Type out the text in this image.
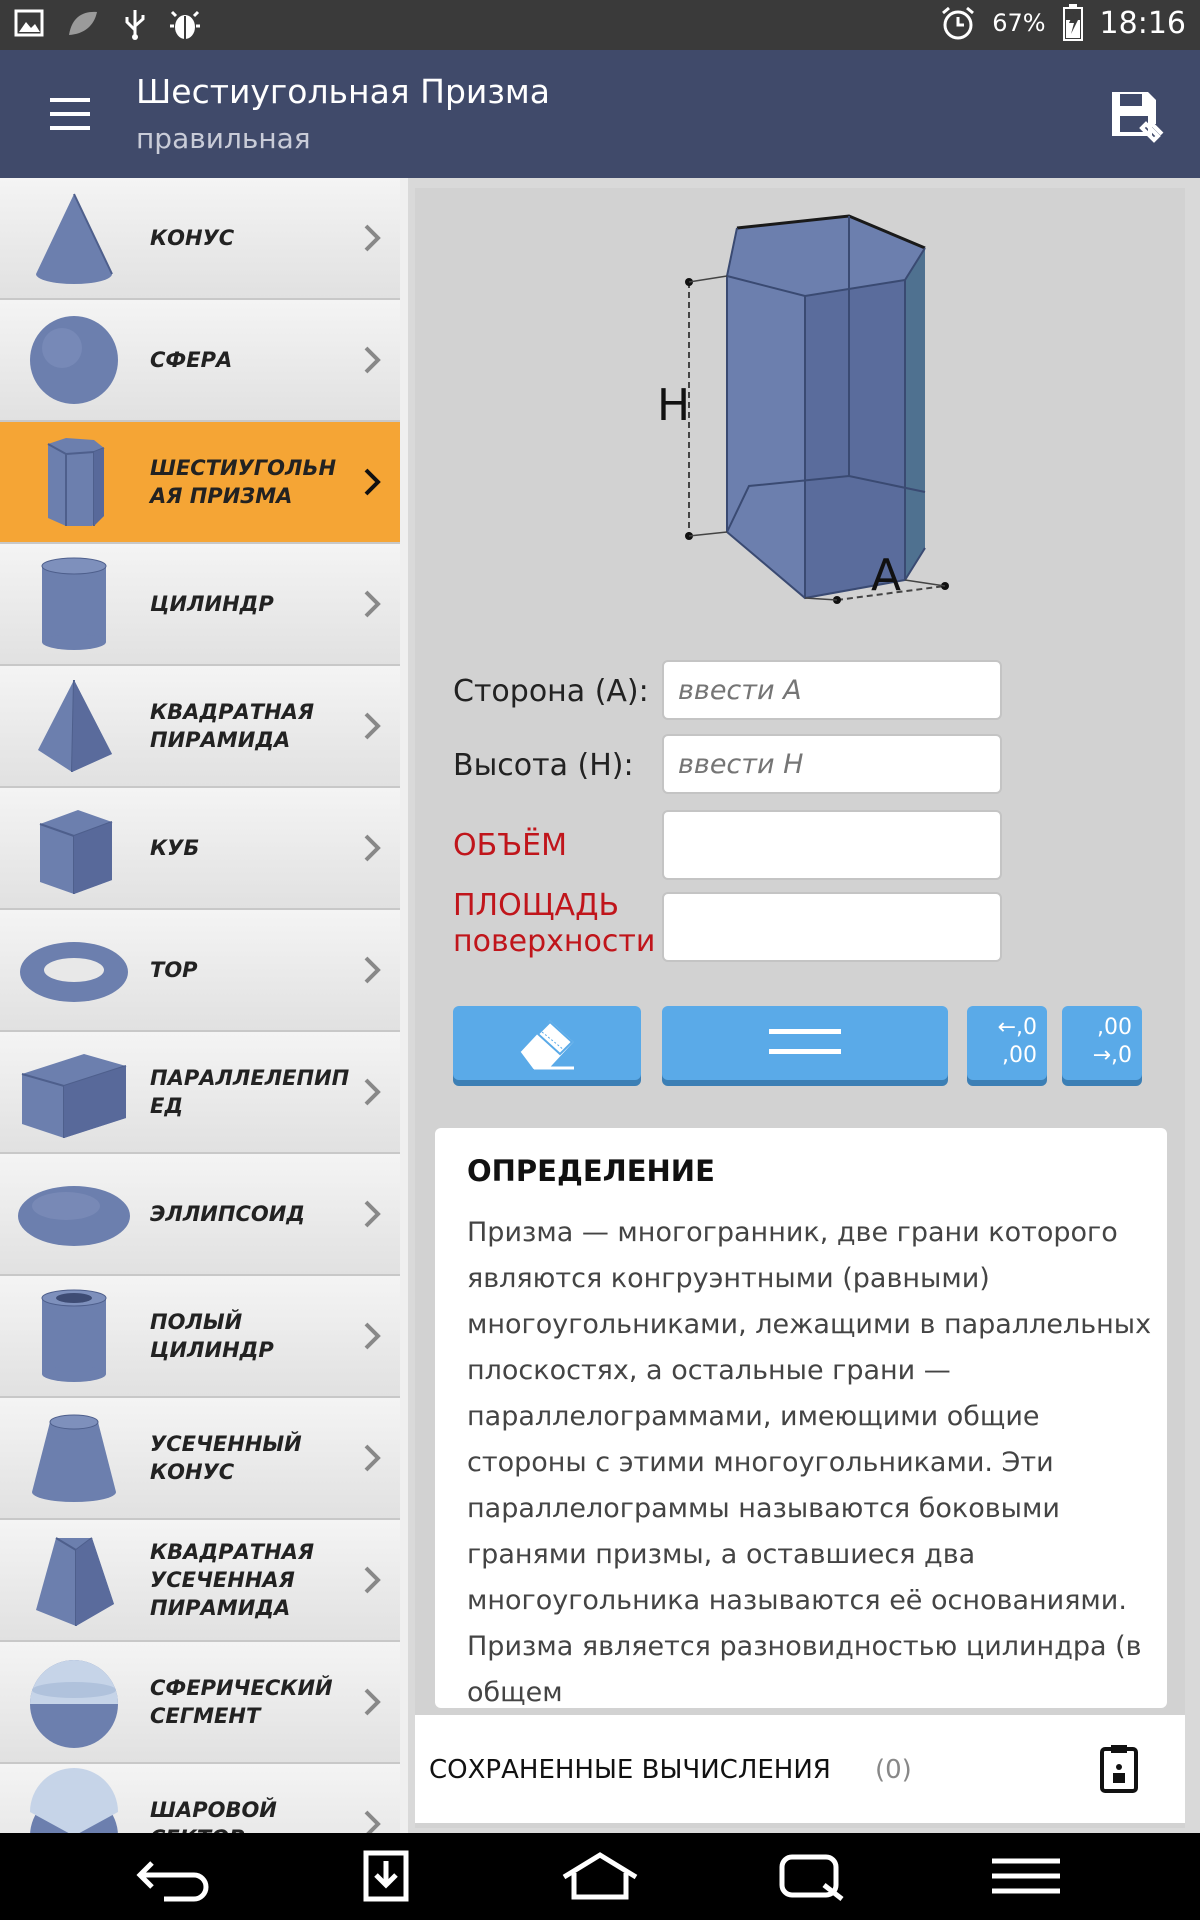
67% 18:16
Шестиугольная Призма
правильная
КОНУС
СФЕРА
ШЕСТИУГОЛЬН АЯ ПРИЗМА
ЦИЛИНДР
КВАДРАТНАЯ ПИРАМИДА
КУБ
ТОР
ПАРАЛЛЕЛЕПИП ЕД
ЭЛЛИПСОИД
ПОЛЫЙ ЦИЛИНДР
УСЕЧЕННЫЙ КОНУС
КВАДРАТНАЯ УСЕЧЕННАЯ ПИРАМИДА
СФЕРИЧЕСКИЙ СЕГМЕНТ
ШАРОВОЙ
H
A
Сторона (A):
ввести A
Высота (H):
ввести H
ОБЪЁМ
ПЛОЩАДЬ
поверхности
←,0
,00
,00
→,0
ОПРЕДЕЛЕНИЕ
Призма — многогранник, две грани которого являются конгруэнтными (равными) многоугольниками, лежащими в параллельных плоскостях, а остальные грани — параллелограммами, имеющими общие стороны с этими многоугольниками. Эти параллелограммы называются боковыми гранями призмы, а оставшиеся два многоугольника называются её основаниями. Призма является разновидностью цилиндра (в общем
СОХРАНЕННЫЕ ВЫЧИСЛЕНИЯ (0)
